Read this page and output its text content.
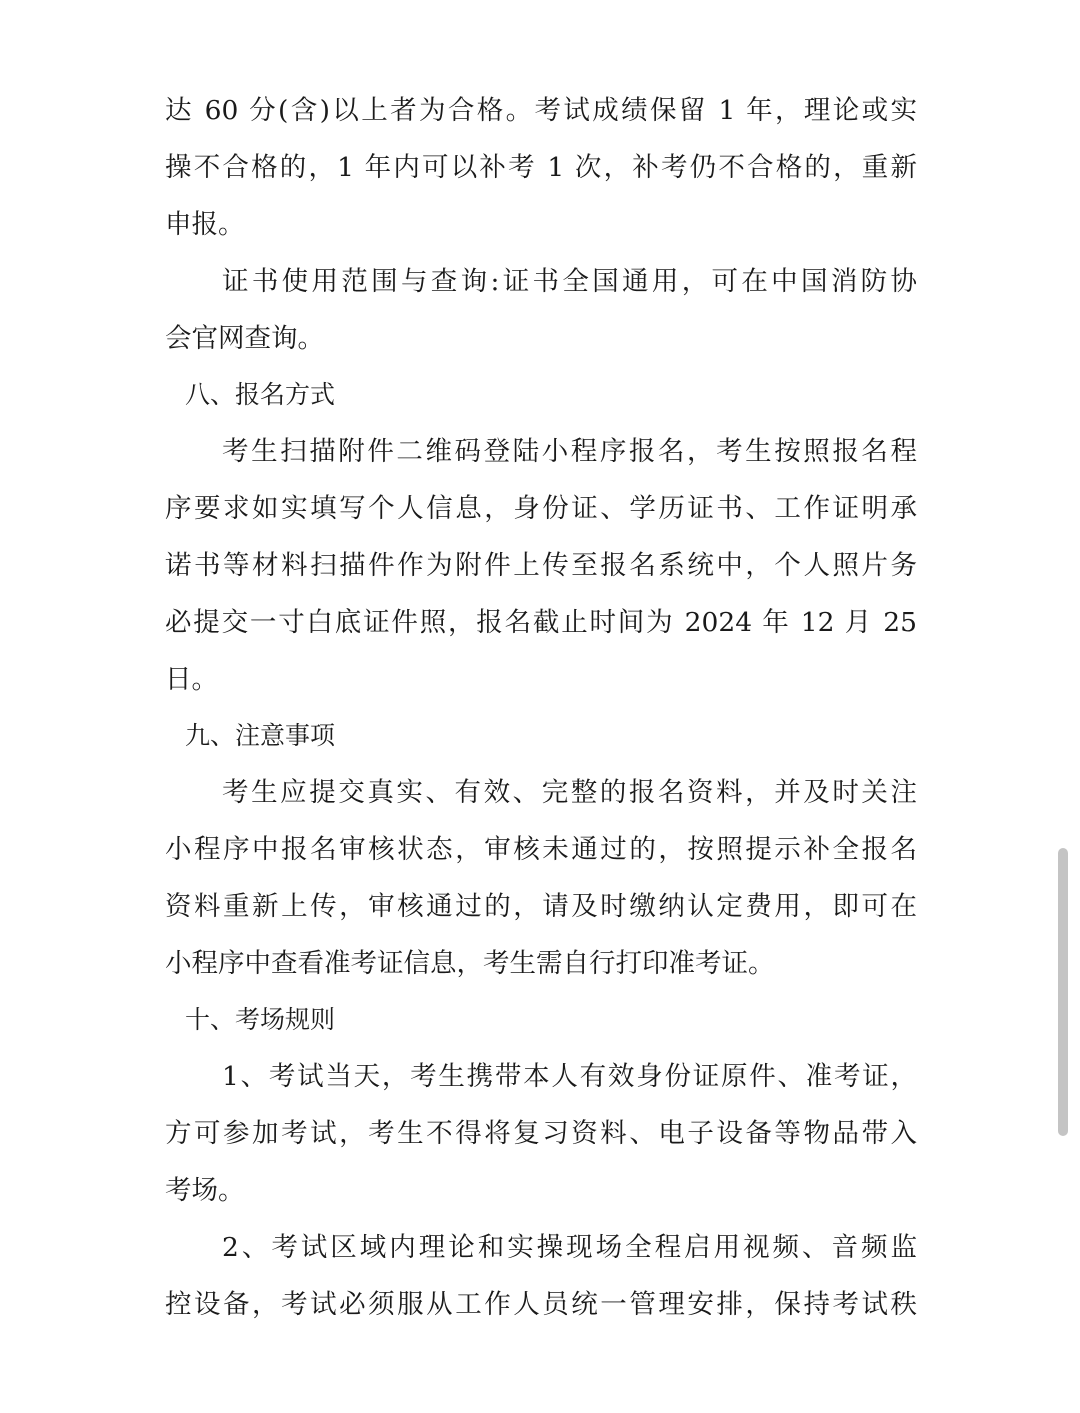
达 60 分(含)以上者为合格。考试成绩保留 1 年，理论或实
操不合格的，1 年内可以补考 1 次，补考仍不合格的，重新
申报。
证书使用范围与查询:证书全国通用，可在中国消防协
会官网查询。
八、报名方式
考生扫描附件二维码登陆小程序报名，考生按照报名程
序要求如实填写个人信息，身份证、学历证书、工作证明承
诺书等材料扫描件作为附件上传至报名系统中，个人照片务
必提交一寸白底证件照，报名截止时间为 2024 年 12 月 25
日。
九、注意事项
考生应提交真实、有效、完整的报名资料，并及时关注
小程序中报名审核状态，审核未通过的，按照提示补全报名
资料重新上传，审核通过的，请及时缴纳认定费用，即可在
小程序中查看准考证信息，考生需自行打印准考证。
十、考场规则
1、考试当天，考生携带本人有效身份证原件、准考证，
方可参加考试，考生不得将复习资料、电子设备等物品带入
考场。
2、考试区域内理论和实操现场全程启用视频、音频监
控设备，考试必须服从工作人员统一管理安排，保持考试秩
